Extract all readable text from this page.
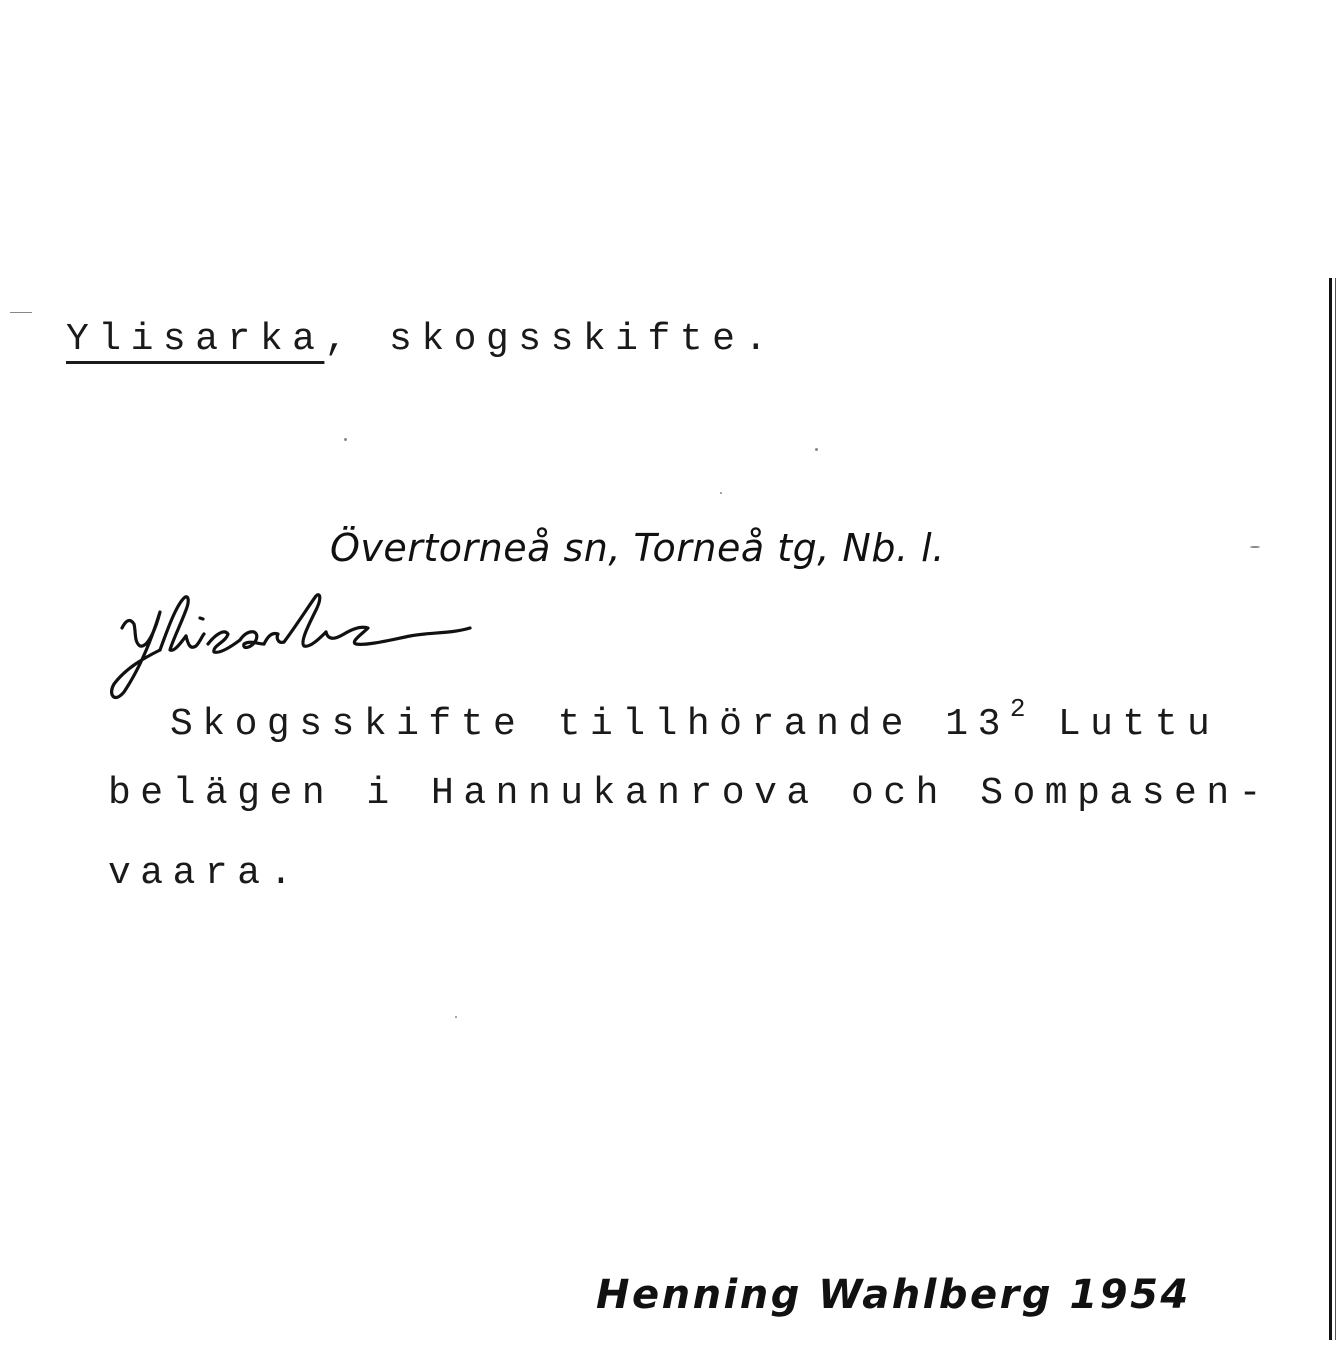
Ylisarka, skogsskifte.
Övertorneå sn, Torneå tg, Nb. l.
Skogsskifte tillhörande $13^2$ Luttu
belägen i Hannukanrova och Sompasen-
vaara.
Henning Wahlberg 1954
